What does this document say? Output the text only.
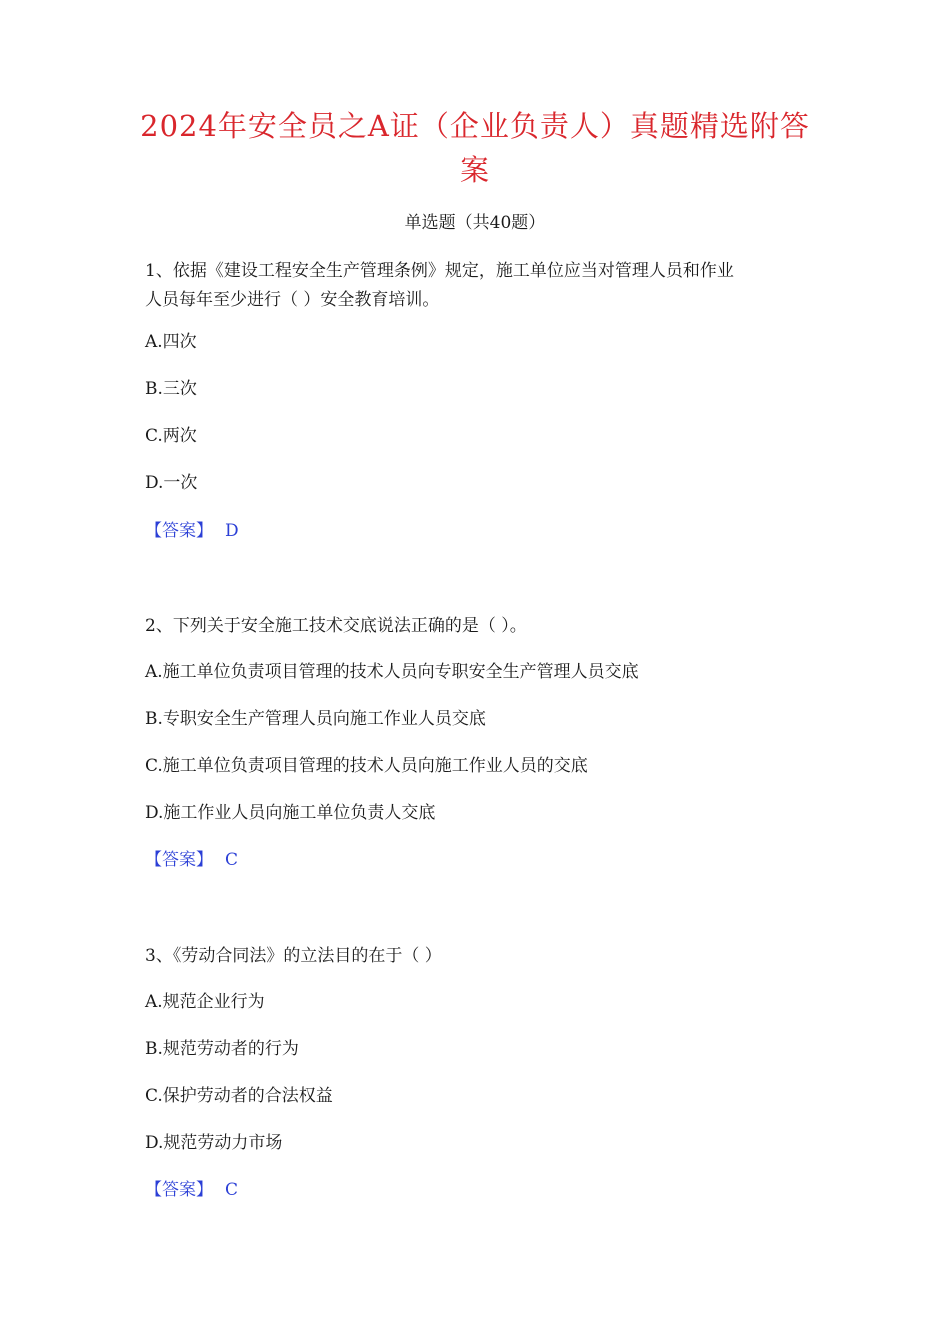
2024年安全员之A证（企业负责人）真题精选附答
案
单选题（共40题）
1、依据《建设工程安全生产管理条例》规定，施工单位应当对管理人员和作业
人员每年至少进行（ ）安全教育培训。
A.四次
B.三次
C.两次
D.一次
【答案】 D
2、下列关于安全施工技术交底说法正确的是（ ）。
A.施工单位负责项目管理的技术人员向专职安全生产管理人员交底
B.专职安全生产管理人员向施工作业人员交底
C.施工单位负责项目管理的技术人员向施工作业人员的交底
D.施工作业人员向施工单位负责人交底
【答案】 C
3、《劳动合同法》的立法目的在于（ ）
A.规范企业行为
B.规范劳动者的行为
C.保护劳动者的合法权益
D.规范劳动力市场
【答案】 C
